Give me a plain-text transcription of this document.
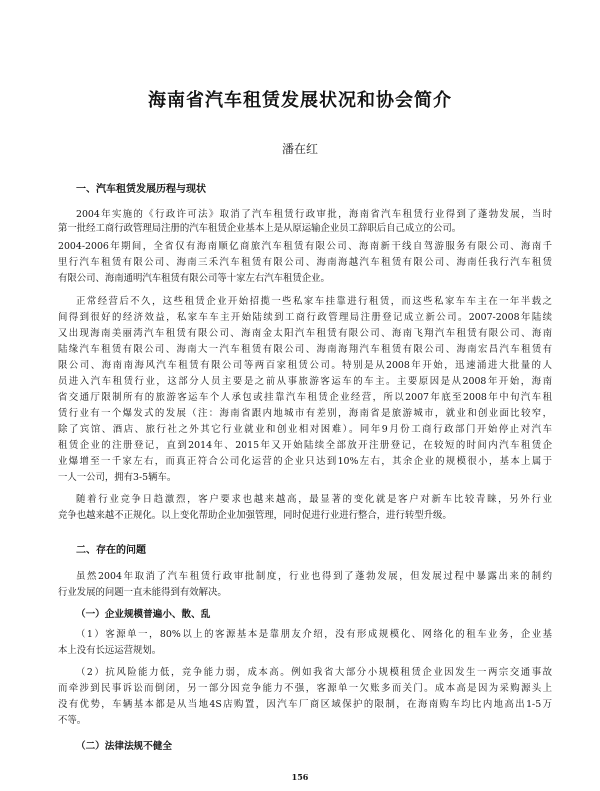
海南省汽车租赁发展状况和协会简介
潘在红
一、汽车租赁发展历程与现状
2004年实施的《行政许可法》取消了汽车租赁行政审批，海南省汽车租赁行业得到了蓬勃发展，当时
第一批经工商行政管理局注册的汽车租赁企业基本上是从原运输企业员工辞职后自己成立的公司。
2004-2006年期间，全省仅有海南顺亿商旅汽车租赁有限公司、海南新干线自驾游服务有限公司、海南千
里行汽车租赁有限公司、海南三禾汽车租赁有限公司、海南海越汽车租赁有限公司、海南任我行汽车租赁
有限公司、海南通明汽车租赁有限公司等十家左右汽车租赁企业。
正常经营后不久，这些租赁企业开始招揽一些私家车挂靠进行租赁，而这些私家车车主在一年半载之
间得到很好的经济效益，私家车车主开始陆续到工商行政管理局注册登记成立新公司。2007-2008年陆续
又出现海南美丽湾汽车租赁有限公司、海南金太阳汽车租赁有限公司、海南飞翔汽车租赁有限公司、海南
陆缘汽车租赁有限公司、海南大一汽车租赁有限公司、海南海翔汽车租赁有限公司、海南宏昌汽车租赁有
限公司、海南南海风汽车租赁有限公司等两百家租赁公司。特别是从2008年开始，迅速涌进大批量的人
员进入汽车租赁行业，这部分人员主要是之前从事旅游客运车的车主。主要原因是从2008年开始，海南
省交通厅限制所有的旅游客运车个人承包或挂靠汽车租赁企业经营，所以2007年底至2008年中旬汽车租
赁行业有一个爆发式的发展（注：海南省跟内地城市有差别，海南省是旅游城市，就业和创业面比较窄，
除了宾馆、酒店、旅行社之外其它行业就业和创业相对困难）。同年9月份工商行政部门开始停止对汽车
租赁企业的注册登记，直到2014年、2015年又开始陆续全部放开注册登记，在较短的时间内汽车租赁企
业爆增至一千家左右，而真正符合公司化运营的企业只达到10%左右，其余企业的规模很小，基本上属于
一人一公司，拥有3-5辆车。
随着行业竞争日趋激烈，客户要求也越来越高，最显著的变化就是客户对新车比较青睐，另外行业
竞争也越来越不正规化。以上变化帮助企业加强管理，同时促进行业进行整合，进行转型升级。
二、存在的问题
虽然2004年取消了汽车租赁行政审批制度，行业也得到了蓬勃发展，但发展过程中暴露出来的制约
行业发展的问题一直未能得到有效解决。
（一）企业规模普遍小、散、乱
（1）客源单一，80%以上的客源基本是靠朋友介绍，没有形成规模化、网络化的租车业务，企业基
本上没有长远运营规划。
（2）抗风险能力低，竞争能力弱，成本高。例如我省大部分小规模租赁企业因发生一两宗交通事故
而牵涉到民事诉讼而倒闭，另一部分因竞争能力不强，客源单一欠账多而关门。成本高是因为采购源头上
没有优势，车辆基本都是从当地4S店购置，因汽车厂商区域保护的限制，在海南购车均比内地高出1-5万
不等。
（二）法律法规不健全
156
